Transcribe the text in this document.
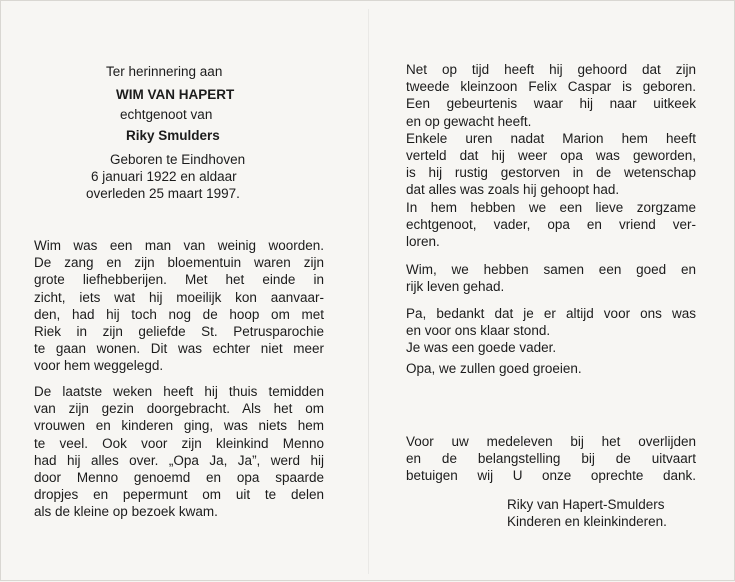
Ter herinnering aan
WIM VAN HAPERT
echtgenoot van
Riky Smulders
Geboren te Eindhoven
6 januari 1922 en aldaar
overleden 25 maart 1997.
Wim was een man van weinig woorden.
De zang en zijn bloementuin waren zijn
grote liefhebberijen. Met het einde in
zicht, iets wat hij moeilijk kon aanvaar-
den, had hij toch nog de hoop om met
Riek in zijn geliefde St. Petrusparochie
te gaan wonen. Dit was echter niet meer
voor hem weggelegd.
De laatste weken heeft hij thuis temidden
van zijn gezin doorgebracht. Als het om
vrouwen en kinderen ging, was niets hem
te veel. Ook voor zijn kleinkind Menno
had hij alles over. „Opa Ja, Ja”, werd hij
door Menno genoemd en opa spaarde
dropjes en pepermunt om uit te delen
als de kleine op bezoek kwam.
Net op tijd heeft hij gehoord dat zijn
tweede kleinzoon Felix Caspar is geboren.
Een gebeurtenis waar hij naar uitkeek
en op gewacht heeft.
Enkele uren nadat Marion hem heeft
verteld dat hij weer opa was geworden,
is hij rustig gestorven in de wetenschap
dat alles was zoals hij gehoopt had.
In hem hebben we een lieve zorgzame
echtgenoot, vader, opa en vriend ver-
loren.
Wim, we hebben samen een goed en
rijk leven gehad.
Pa, bedankt dat je er altijd voor ons was
en voor ons klaar stond.
Je was een goede vader.
Opa, we zullen goed groeien.
Voor uw medeleven bij het overlijden
en de belangstelling bij de uitvaart
betuigen wij U onze oprechte dank.
Riky van Hapert-Smulders
Kinderen en kleinkinderen.
